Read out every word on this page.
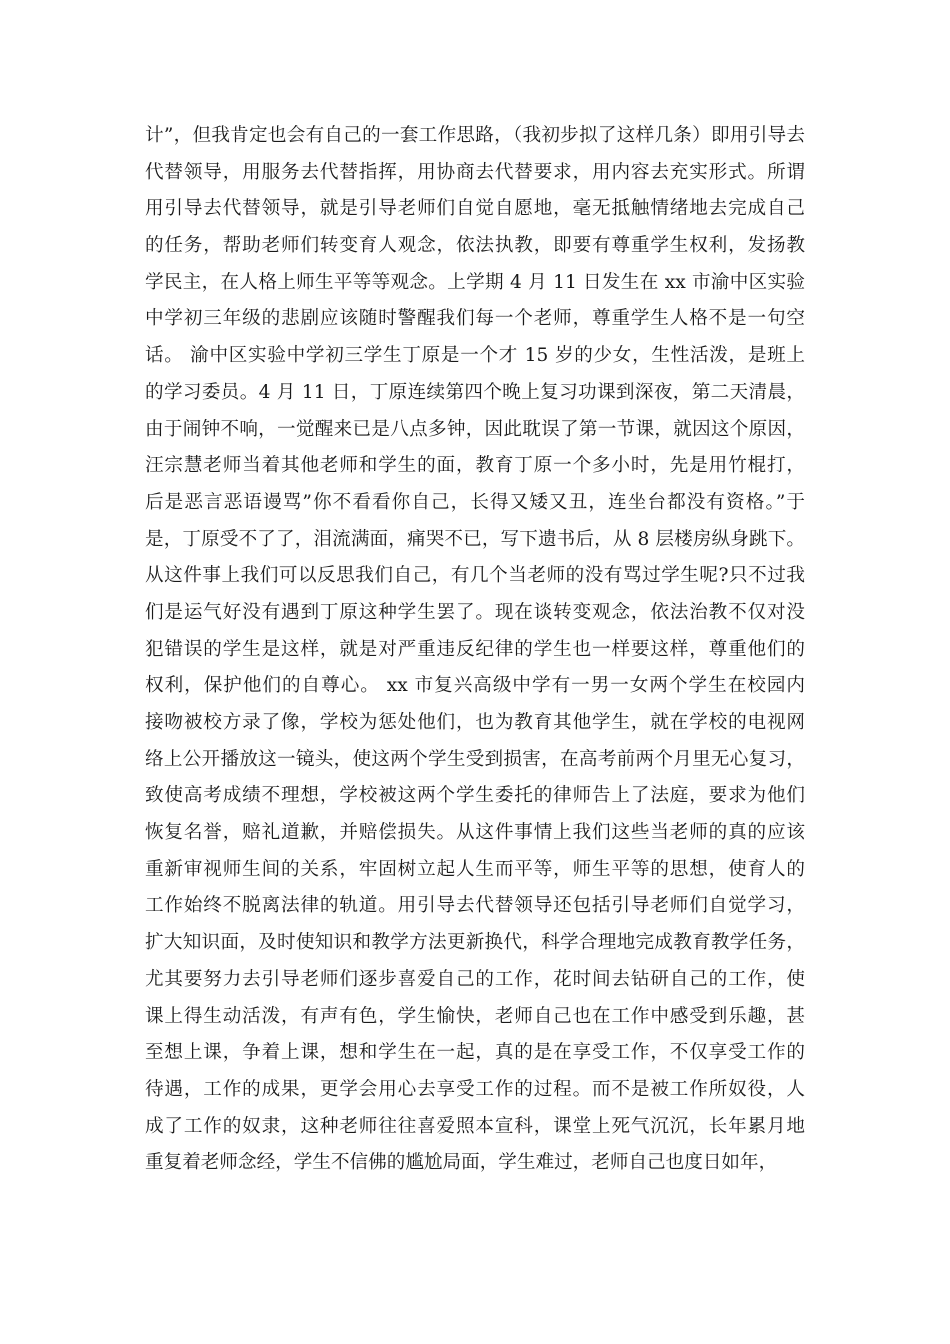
计”，但我肯定也会有自己的一套工作思路，（我初步拟了这样几条）即用引导去
代替领导，用服务去代替指挥，用协商去代替要求，用内容去充实形式。所谓
用引导去代替领导，就是引导老师们自觉自愿地，毫无抵触情绪地去完成自己
的任务，帮助老师们转变育人观念，依法执教，即要有尊重学生权利，发扬教
学民主，在人格上师生平等等观念。上学期 4 月 11 日发生在 xx 市渝中区实验
中学初三年级的悲剧应该随时警醒我们每一个老师，尊重学生人格不是一句空
话。 渝中区实验中学初三学生丁原是一个才 15 岁的少女，生性活泼，是班上
的学习委员。4 月 11 日，丁原连续第四个晚上复习功课到深夜，第二天清晨，
由于闹钟不响，一觉醒来已是八点多钟，因此耽误了第一节课，就因这个原因，
汪宗慧老师当着其他老师和学生的面，教育丁原一个多小时，先是用竹棍打，
后是恶言恶语谩骂”你不看看你自己，长得又矮又丑，连坐台都没有资格。”于
是，丁原受不了了，泪流满面，痛哭不已，写下遗书后，从 8 层楼房纵身跳下。
从这件事上我们可以反思我们自己，有几个当老师的没有骂过学生呢?只不过我
们是运气好没有遇到丁原这种学生罢了。现在谈转变观念，依法治教不仅对没
犯错误的学生是这样，就是对严重违反纪律的学生也一样要这样，尊重他们的
权利，保护他们的自尊心。 xx 市复兴高级中学有一男一女两个学生在校园内
接吻被校方录了像，学校为惩处他们，也为教育其他学生，就在学校的电视网
络上公开播放这一镜头，使这两个学生受到损害，在高考前两个月里无心复习，
致使高考成绩不理想，学校被这两个学生委托的律师告上了法庭，要求为他们
恢复名誉，赔礼道歉，并赔偿损失。从这件事情上我们这些当老师的真的应该
重新审视师生间的关系，牢固树立起人生而平等，师生平等的思想，使育人的
工作始终不脱离法律的轨道。用引导去代替领导还包括引导老师们自觉学习，
扩大知识面，及时使知识和教学方法更新换代，科学合理地完成教育教学任务，
尤其要努力去引导老师们逐步喜爱自己的工作，花时间去钻研自己的工作，使
课上得生动活泼，有声有色，学生愉快，老师自己也在工作中感受到乐趣，甚
至想上课，争着上课，想和学生在一起，真的是在享受工作，不仅享受工作的
待遇，工作的成果，更学会用心去享受工作的过程。而不是被工作所奴役，人
成了工作的奴隶，这种老师往往喜爱照本宣科，课堂上死气沉沉，长年累月地
重复着老师念经，学生不信佛的尴尬局面，学生难过，老师自己也度日如年，
